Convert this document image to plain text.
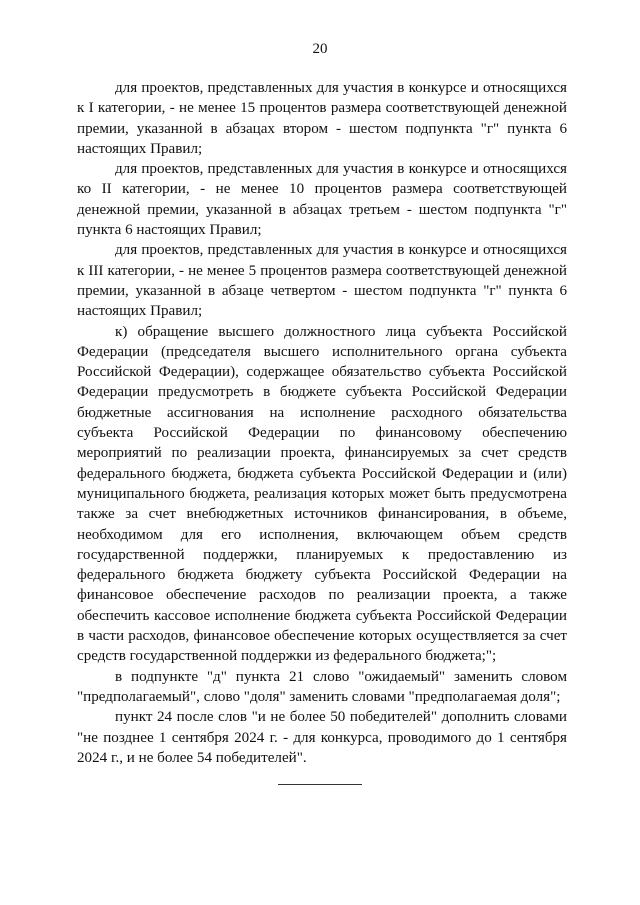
20

для проектов, представленных для участия в конкурсе и относящихся к I категории, - не менее 15 процентов размера соответствующей денежной премии, указанной в абзацах втором - шестом подпункта "г" пункта 6 настоящих Правил;

для проектов, представленных для участия в конкурсе и относящихся ко II категории, - не менее 10 процентов размера соответствующей денежной премии, указанной в абзацах третьем - шестом подпункта "г" пункта 6 настоящих Правил;

для проектов, представленных для участия в конкурсе и относящихся к III категории, - не менее 5 процентов размера соответствующей денежной премии, указанной в абзаце четвертом - шестом подпункта "г" пункта 6 настоящих Правил;

к) обращение высшего должностного лица субъекта Российской Федерации (председателя высшего исполнительного органа субъекта Российской Федерации), содержащее обязательство субъекта Российской Федерации предусмотреть в бюджете субъекта Российской Федерации бюджетные ассигнования на исполнение расходного обязательства субъекта Российской Федерации по финансовому обеспечению мероприятий по реализации проекта, финансируемых за счет средств федерального бюджета, бюджета субъекта Российской Федерации и (или) муниципального бюджета, реализация которых может быть предусмотрена также за счет внебюджетных источников финансирования, в объеме, необходимом для его исполнения, включающем объем средств государственной поддержки, планируемых к предоставлению из федерального бюджета бюджету субъекта Российской Федерации на финансовое обеспечение расходов по реализации проекта, а также обеспечить кассовое исполнение бюджета субъекта Российской Федерации в части расходов, финансовое обеспечение которых осуществляется за счет средств государственной поддержки из федерального бюджета;";

в подпункте "д" пункта 21 слово "ожидаемый" заменить словом "предполагаемый", слово "доля" заменить словами "предполагаемая доля";

пункт 24 после слов "и не более 50 победителей" дополнить словами "не позднее 1 сентября 2024 г. - для конкурса, проводимого до 1 сентября 2024 г., и не более 54 победителей".
